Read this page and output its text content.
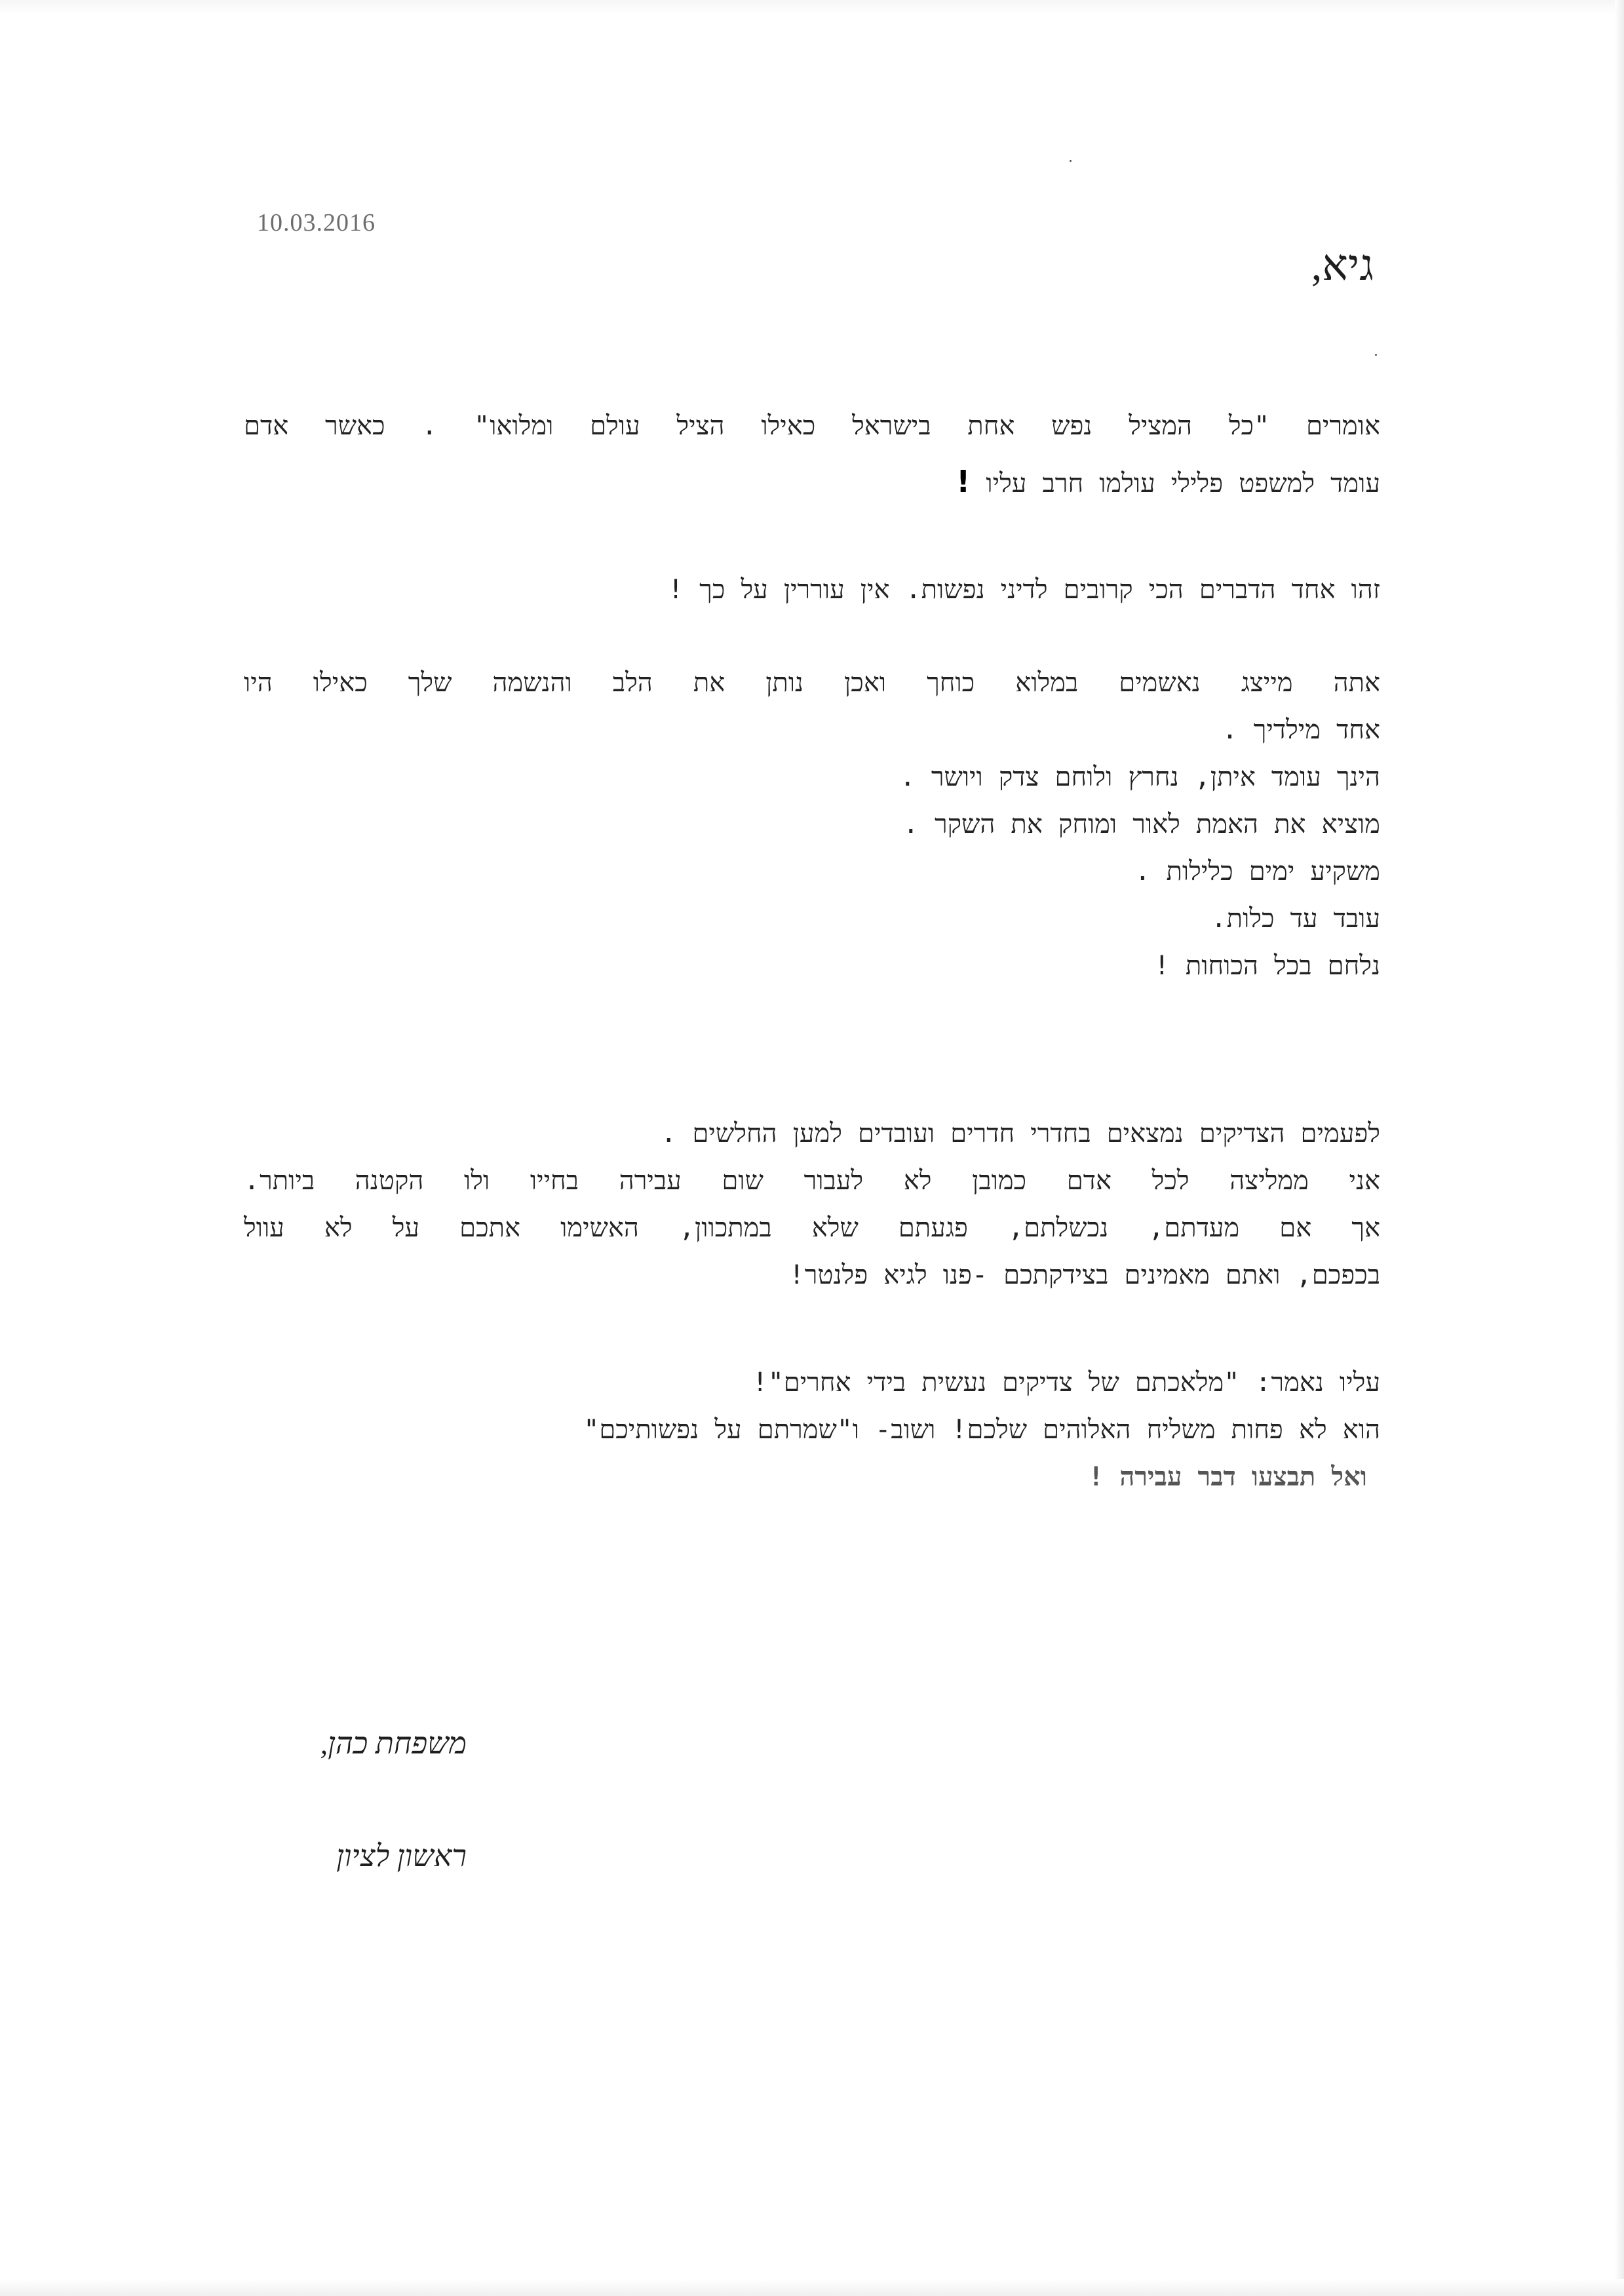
10.03.2016
גיא,
אומרים "כל המציל נפש אחת בישראל כאילו הציל עולם ומלואו" . כאשר אדם
עומד למשפט פלילי עולמו חרב עליו !
זהו אחד הדברים הכי קרובים לדיני נפשות. אין עוררין על כך !
אתה מייצג נאשמים במלוא כוחך ואכן נותן את הלב והנשמה שלך כאילו היו
אחד מילדיך .
הינך עומד איתן, נחרץ ולוחם צדק ויושר .
מוציא את האמת לאור ומוחק את השקר .
משקיע ימים כלילות .
עובד עד כלות.
נלחם בכל הכוחות !
לפעמים הצדיקים נמצאים בחדרי חדרים ועובדים למען החלשים .
אני ממליצה לכל אדם כמובן לא לעבור שום עבירה בחייו ולו הקטנה ביותר.
אך אם מעדתם, נכשלתם, פגעתם שלא במתכוון, האשימו אתכם על לא עוול
בכפכם, ואתם מאמינים בצידקתכם -פנו לגיא פלנטר!
עליו נאמר: "מלאכתם של צדיקים נעשית בידי אחרים"!
הוא לא פחות משליח האלוהים שלכם! ושוב- ו"שמרתם על נפשותיכם"
ואל תבצעו דבר עבירה !
משפחת כהן,
ראשון לציון
